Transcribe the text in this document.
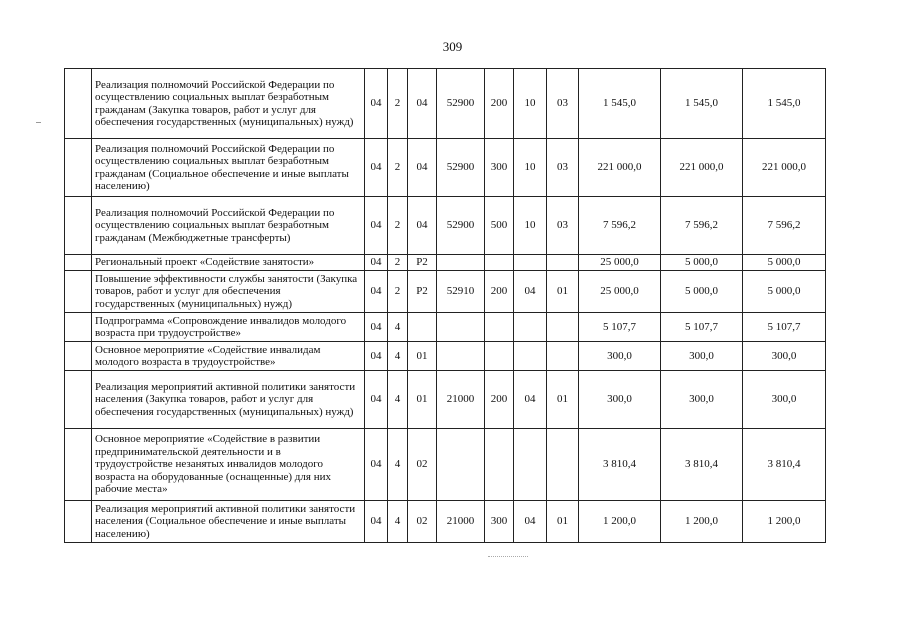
309
	Реализация полномочий Российской Федерации по осуществлению социальных выплат безработным гражданам (Закупка товаров, работ и услуг для обеспечения государственных (муниципальных) нужд)	04	2	04	52900	200	10	03	1 545,0	1 545,0	1 545,0
	Реализация полномочий Российской Федерации по осуществлению социальных выплат безработным гражданам (Социальное обеспечение и иные выплаты населению)	04	2	04	52900	300	10	03	221 000,0	221 000,0	221 000,0
	Реализация полномочий Российской Федерации по осуществлению социальных выплат безработным гражданам (Межбюджетные трансферты)	04	2	04	52900	500	10	03	7 596,2	7 596,2	7 596,2
	Региональный проект «Содействие занятости»	04	2	P2					25 000,0	5 000,0	5 000,0
	Повышение эффективности службы занятости (Закупка товаров, работ и услуг для обеспечения государственных (муниципальных) нужд)	04	2	P2	52910	200	04	01	25 000,0	5 000,0	5 000,0
	Подпрограмма «Сопровождение инвалидов молодого возраста при трудоустройстве»	04	4						5 107,7	5 107,7	5 107,7
	Основное мероприятие «Содействие инвалидам молодого возраста в трудоустройстве»	04	4	01					300,0	300,0	300,0
	Реализация мероприятий активной политики занятости населения (Закупка товаров, работ и услуг для обеспечения государственных (муниципальных) нужд)	04	4	01	21000	200	04	01	300,0	300,0	300,0
	Основное мероприятие «Содействие в развитии предпринимательской деятельности и в трудоустройстве незанятых инвалидов молодого возраста на оборудованные (оснащенные) для них рабочие места»	04	4	02					3 810,4	3 810,4	3 810,4
	Реализация мероприятий активной политики занятости населения (Социальное обеспечение и иные выплаты населению)	04	4	02	21000	300	04	01	1 200,0	1 200,0	1 200,0
